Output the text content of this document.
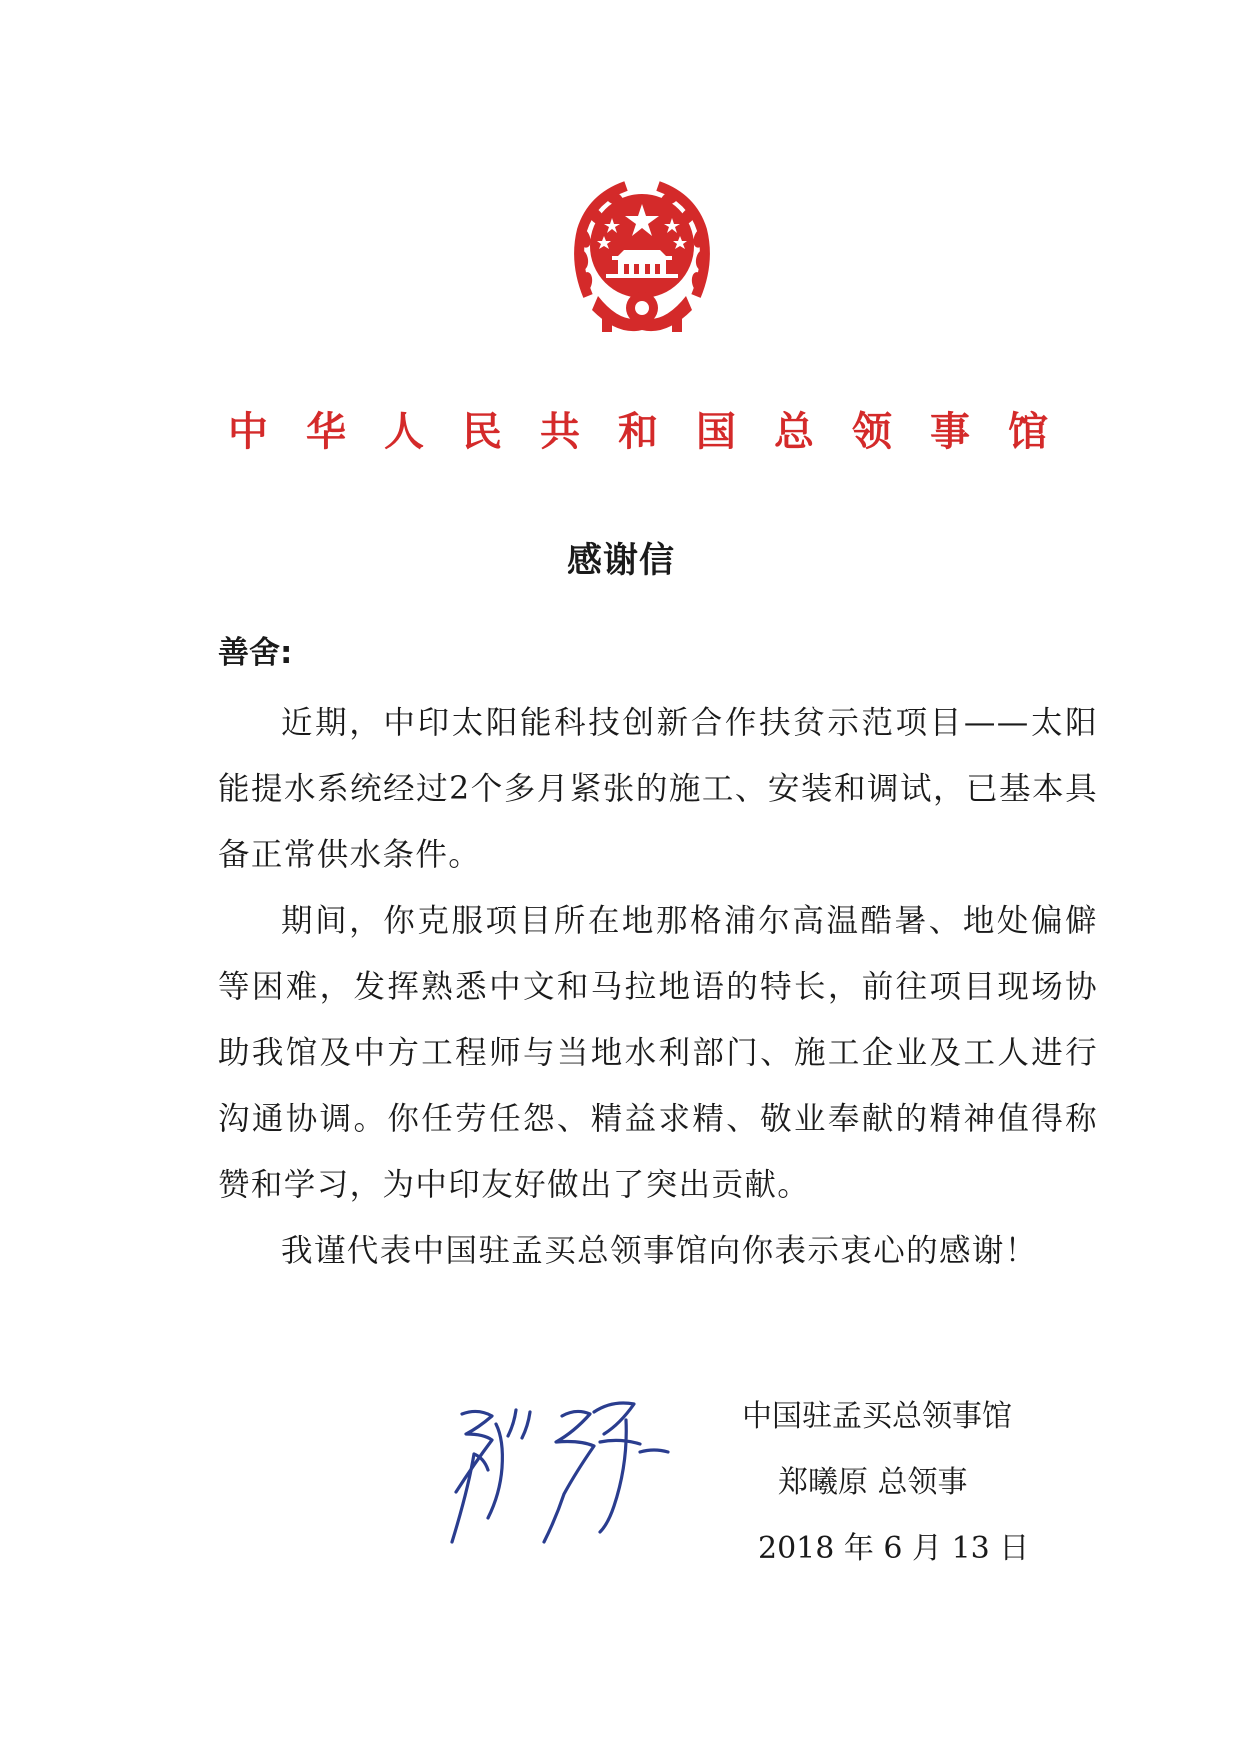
中 华 人 民 共 和 国 总 领 事 馆
感谢信
善舍:

近期，中印太阳能科技创新合作扶贫示范项目——太阳能提水系统经过2个多月紧张的施工、安装和调试，已基本具备正常供水条件。

期间，你克服项目所在地那格浦尔高温酷暑、地处偏僻等困难，发挥熟悉中文和马拉地语的特长，前往项目现场协助我馆及中方工程师与当地水利部门、施工企业及工人进行沟通协调。你任劳任怨、精益求精、敬业奉献的精神值得称赞和学习，为中印友好做出了突出贡献。

我谨代表中国驻孟买总领事馆向你表示衷心的感谢！

中国驻孟买总领事馆
郑曦原 总领事
2018 年 6 月 13 日
